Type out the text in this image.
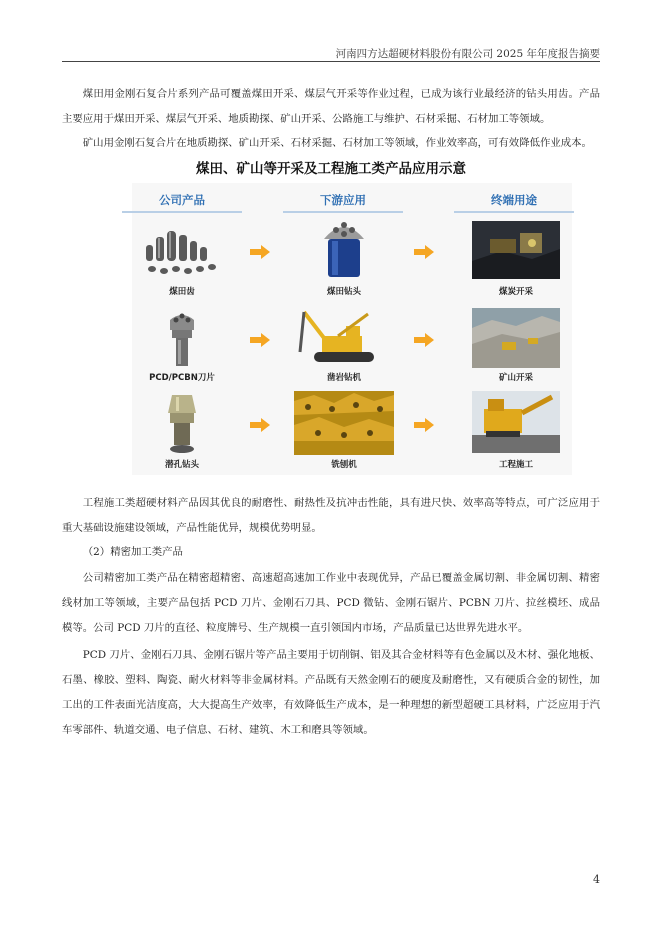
河南四方达超硬材料股份有限公司 2025 年年度报告摘要

煤田用金刚石复合片系列产品可覆盖煤田开采、煤层气开采等作业过程，已成为该行业最经济的钻头用齿。产品主要应用于煤田开采、煤层气开采、地质勘探、矿山开采、公路施工与维护、石材采掘、石材加工等领域。

矿山用金刚石复合片在地质勘探、矿山开采、石材采掘、石材加工等领域，作业效率高，可有效降低作业成本。

煤田、矿山等开采及工程施工类产品应用示意
公司产品	下游应用	终端用途
煤田齿	煤田钻头	煤炭开采
PCD/PCBN刀片	凿岩钻机	矿山开采
潜孔钻头	铣刨机	工程施工

工程施工类超硬材料产品因其优良的耐磨性、耐热性及抗冲击性能，具有进尺快、效率高等特点，可广泛应用于重大基础设施建设领域，产品性能优异，规模优势明显。

（2）精密加工类产品

公司精密加工类产品在精密超精密、高速超高速加工作业中表现优异，产品已覆盖金属切割、非金属切割、精密线材加工等领域，主要产品包括 PCD 刀片、金刚石刀具、PCD 微钻、金刚石锯片、PCBN 刀片、拉丝模坯、成品模等。公司 PCD 刀片的直径、粒度牌号、生产规模一直引领国内市场，产品质量已达世界先进水平。

PCD 刀片、金刚石刀具、金刚石锯片等产品主要用于切削铜、铝及其合金材料等有色金属以及木材、强化地板、石墨、橡胶、塑料、陶瓷、耐火材料等非金属材料。产品既有天然金刚石的硬度及耐磨性，又有硬质合金的韧性，加工出的工件表面光洁度高，大大提高生产效率，有效降低生产成本，是一种理想的新型超硬工具材料，广泛应用于汽车零部件、轨道交通、电子信息、石材、建筑、木工和磨具等领域。

4
